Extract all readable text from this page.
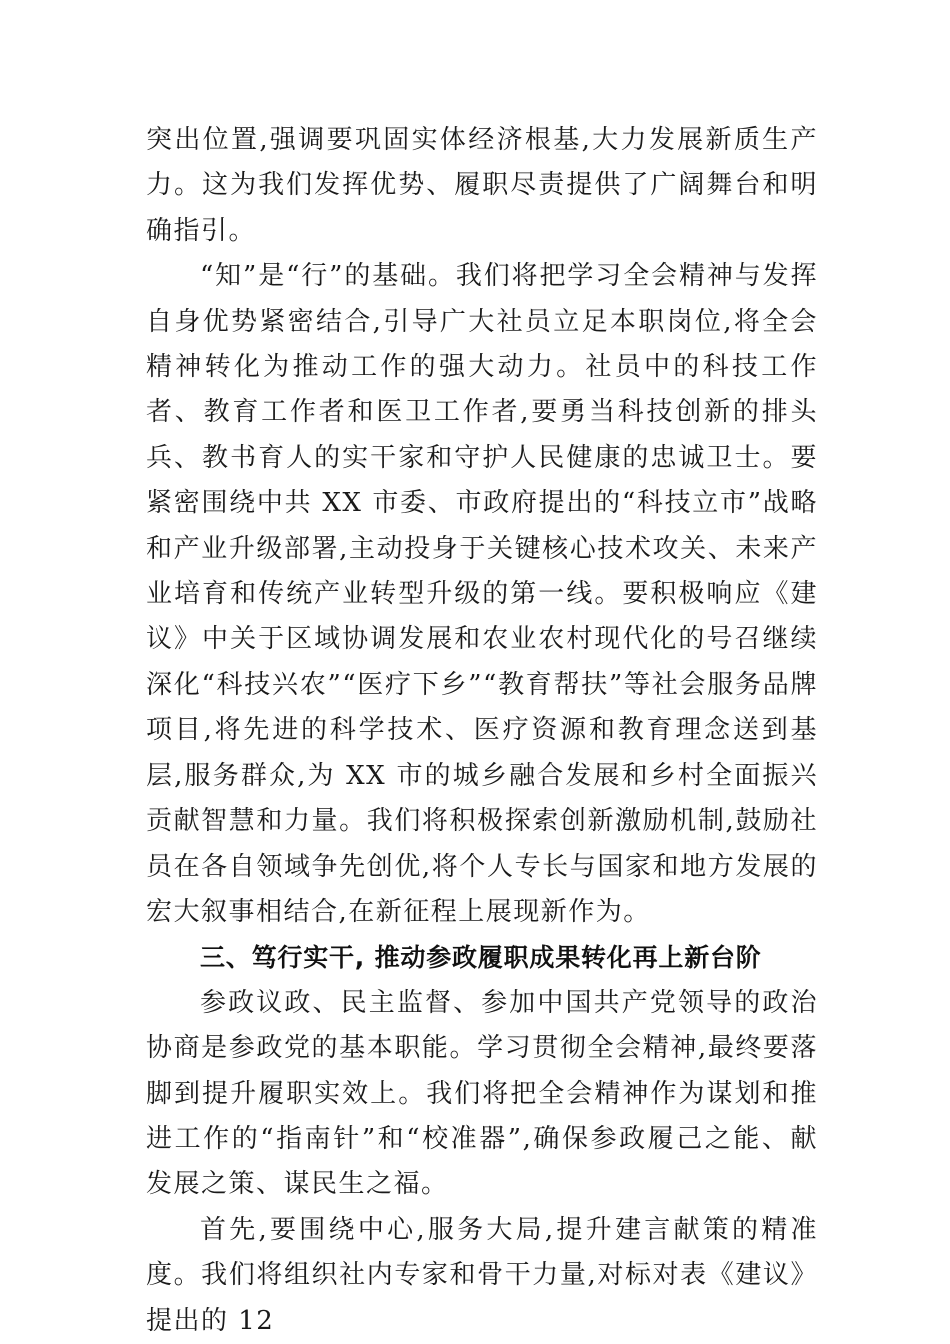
突出位置,强调要巩固实体经济根基,大力发展新质生产力。这为我们发挥优势、履职尽责提供了广阔舞台和明确指引。

“知”是“行”的基础。我们将把学习全会精神与发挥自身优势紧密结合,引导广大社员立足本职岗位,将全会精神转化为推动工作的强大动力。社员中的科技工作者、教育工作者和医卫工作者,要勇当科技创新的排头兵、教书育人的实干家和守护人民健康的忠诚卫士。要紧密围绕中共 XX 市委、市政府提出的“科技立市”战略和产业升级部署,主动投身于关键核心技术攻关、未来产业培育和传统产业转型升级的第一线。要积极响应《建议》中关于区域协调发展和农业农村现代化的号召继续深化“科技兴农”“医疗下乡”“教育帮扶”等社会服务品牌项目,将先进的科学技术、医疗资源和教育理念送到基层,服务群众,为 XX 市的城乡融合发展和乡村全面振兴贡献智慧和力量。我们将积极探索创新激励机制,鼓励社员在各自领域争先创优,将个人专长与国家和地方发展的宏大叙事相结合,在新征程上展现新作为。

三、笃行实干, 推动参政履职成果转化再上新台阶

参政议政、民主监督、参加中国共产党领导的政治协商是参政党的基本职能。学习贯彻全会精神,最终要落脚到提升履职实效上。我们将把全会精神作为谋划和推进工作的“指南针”和“校准器”,确保参政履己之能、献发展之策、谋民生之福。

首先,要围绕中心,服务大局,提升建言献策的精准度。我们将组织社内专家和骨干力量,对标对表《建议》提出的 12
